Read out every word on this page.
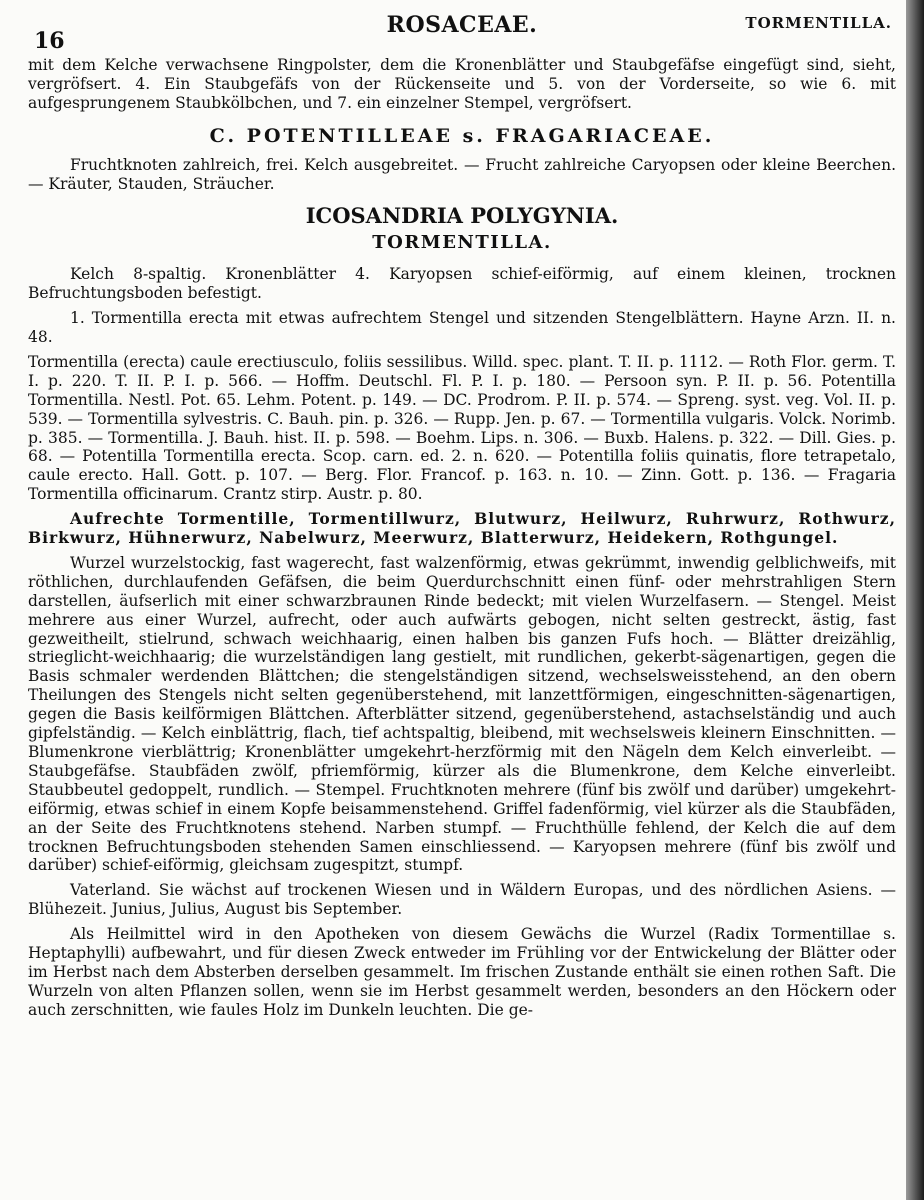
16
ROSACEAE.	TORMENTILLA.

mit dem Kelche verwachsene Ringpolster, dem die Kronenblätter und Staubgefäfse eingefügt sind, sieht, vergröfsert. 4. Ein Staubgefäfs von der Rückenseite und 5. von der Vorderseite, so wie 6. mit aufgesprungenem Staubkölbchen, und 7. ein einzelner Stempel, vergröfsert.

C. POTENTILLEAE s. FRAGARIACEAE.

Fruchtknoten zahlreich, frei. Kelch ausgebreitet. — Frucht zahlreiche Caryopsen oder kleine Beerchen. — Kräuter, Stauden, Sträucher.

ICOSANDRIA POLYGYNIA.
TORMENTILLA.

Kelch 8-spaltig. Kronenblätter 4. Karyopsen schief-eiförmig, auf einem kleinen, trocknen Befruchtungsboden befestigt.

1. Tormentilla erecta mit etwas aufrechtem Stengel und sitzenden Stengelblättern. Hayne Arzn. II. n. 48.

Tormentilla (erecta) caule erectiusculo, foliis sessilibus. Willd. spec. plant. T. II. p. 1112. — Roth Flor. germ. T. I. p. 220. T. II. P. I. p. 566. — Hoffm. Deutschl. Fl. P. I. p. 180. — Persoon syn. P. II. p. 56. Potentilla Tormentilla. Nestl. Pot. 65. Lehm. Potent. p. 149. — DC. Prodrom. P. II. p. 574. — Spreng. syst. veg. Vol. II. p. 539. — Tormentilla sylvestris. C. Bauh. pin. p. 326. — Rupp. Jen. p. 67. — Tormentilla vulgaris. Volck. Norimb. p. 385. — Tormentilla. J. Bauh. hist. II. p. 598. — Boehm. Lips. n. 306. — Buxb. Halens. p. 322. — Dill. Gies. p. 68. — Potentilla Tormentilla erecta. Scop. carn. ed. 2. n. 620. — Potentilla foliis quinatis, flore tetrapetalo, caule erecto. Hall. Gott. p. 107. — Berg. Flor. Francof. p. 163. n. 10. — Zinn. Gott. p. 136. — Fragaria Tormentilla officinarum. Crantz stirp. Austr. p. 80.

Aufrechte Tormentille, Tormentillwurz, Blutwurz, Heilwurz, Ruhrwurz, Rothwurz, Birkwurz, Hühnerwurz, Nabelwurz, Meerwurz, Blatterwurz, Heidekern, Rothgungel.

Wurzel wurzelstockig, fast wagerecht, fast walzenförmig, etwas gekrümmt, inwendig gelblichweifs, mit röthlichen, durchlaufenden Gefäfsen, die beim Querdurchschnitt einen fünf- oder mehrstrahligen Stern darstellen, äufserlich mit einer schwarzbraunen Rinde bedeckt; mit vielen Wurzelfasern. — Stengel. Meist mehrere aus einer Wurzel, aufrecht, oder auch aufwärts gebogen, nicht selten gestreckt, ästig, fast gezweitheilt, stielrund, schwach weichhaarig, einen halben bis ganzen Fufs hoch. — Blätter dreizählig, strieglicht-weichhaarig; die wurzelständigen lang gestielt, mit rundlichen, gekerbt-sägenartigen, gegen die Basis schmaler werdenden Blättchen; die stengelständigen sitzend, wechselsweisstehend, an den obern Theilungen des Stengels nicht selten gegenüberstehend, mit lanzettförmigen, eingeschnitten-sägenartigen, gegen die Basis keilförmigen Blättchen. Afterblätter sitzend, gegenüberstehend, astachselständig und auch gipfelständig. — Kelch einblättrig, flach, tief achtspaltig, bleibend, mit wechselsweis kleinern Einschnitten. — Blumenkrone vierblättrig; Kronenblätter umgekehrt-herzförmig mit den Nägeln dem Kelch einverleibt. — Staubgefäfse. Staubfäden zwölf, pfriemförmig, kürzer als die Blumenkrone, dem Kelche einverleibt. Staubbeutel gedoppelt, rundlich. — Stempel. Fruchtknoten mehrere (fünf bis zwölf und darüber) umgekehrt-eiförmig, etwas schief in einem Kopfe beisammenstehend. Griffel fadenförmig, viel kürzer als die Staubfäden, an der Seite des Fruchtknotens stehend. Narben stumpf. — Fruchthülle fehlend, der Kelch die auf dem trocknen Befruchtungsboden stehenden Samen einschliessend. — Karyopsen mehrere (fünf bis zwölf und darüber) schief-eiförmig, gleichsam zugespitzt, stumpf.

Vaterland. Sie wächst auf trockenen Wiesen und in Wäldern Europas, und des nördlichen Asiens. — Blühezeit. Junius, Julius, August bis September.

Als Heilmittel wird in den Apotheken von diesem Gewächs die Wurzel (Radix Tormentillae s. Heptaphylli) aufbewahrt, und für diesen Zweck entweder im Frühling vor der Entwickelung der Blätter oder im Herbst nach dem Absterben derselben gesammelt. Im frischen Zustande enthält sie einen rothen Saft. Die Wurzeln von alten Pflanzen sollen, wenn sie im Herbst gesammelt werden, besonders an den Höckern oder auch zerschnitten, wie faules Holz im Dunkeln leuchten. Die ge-
